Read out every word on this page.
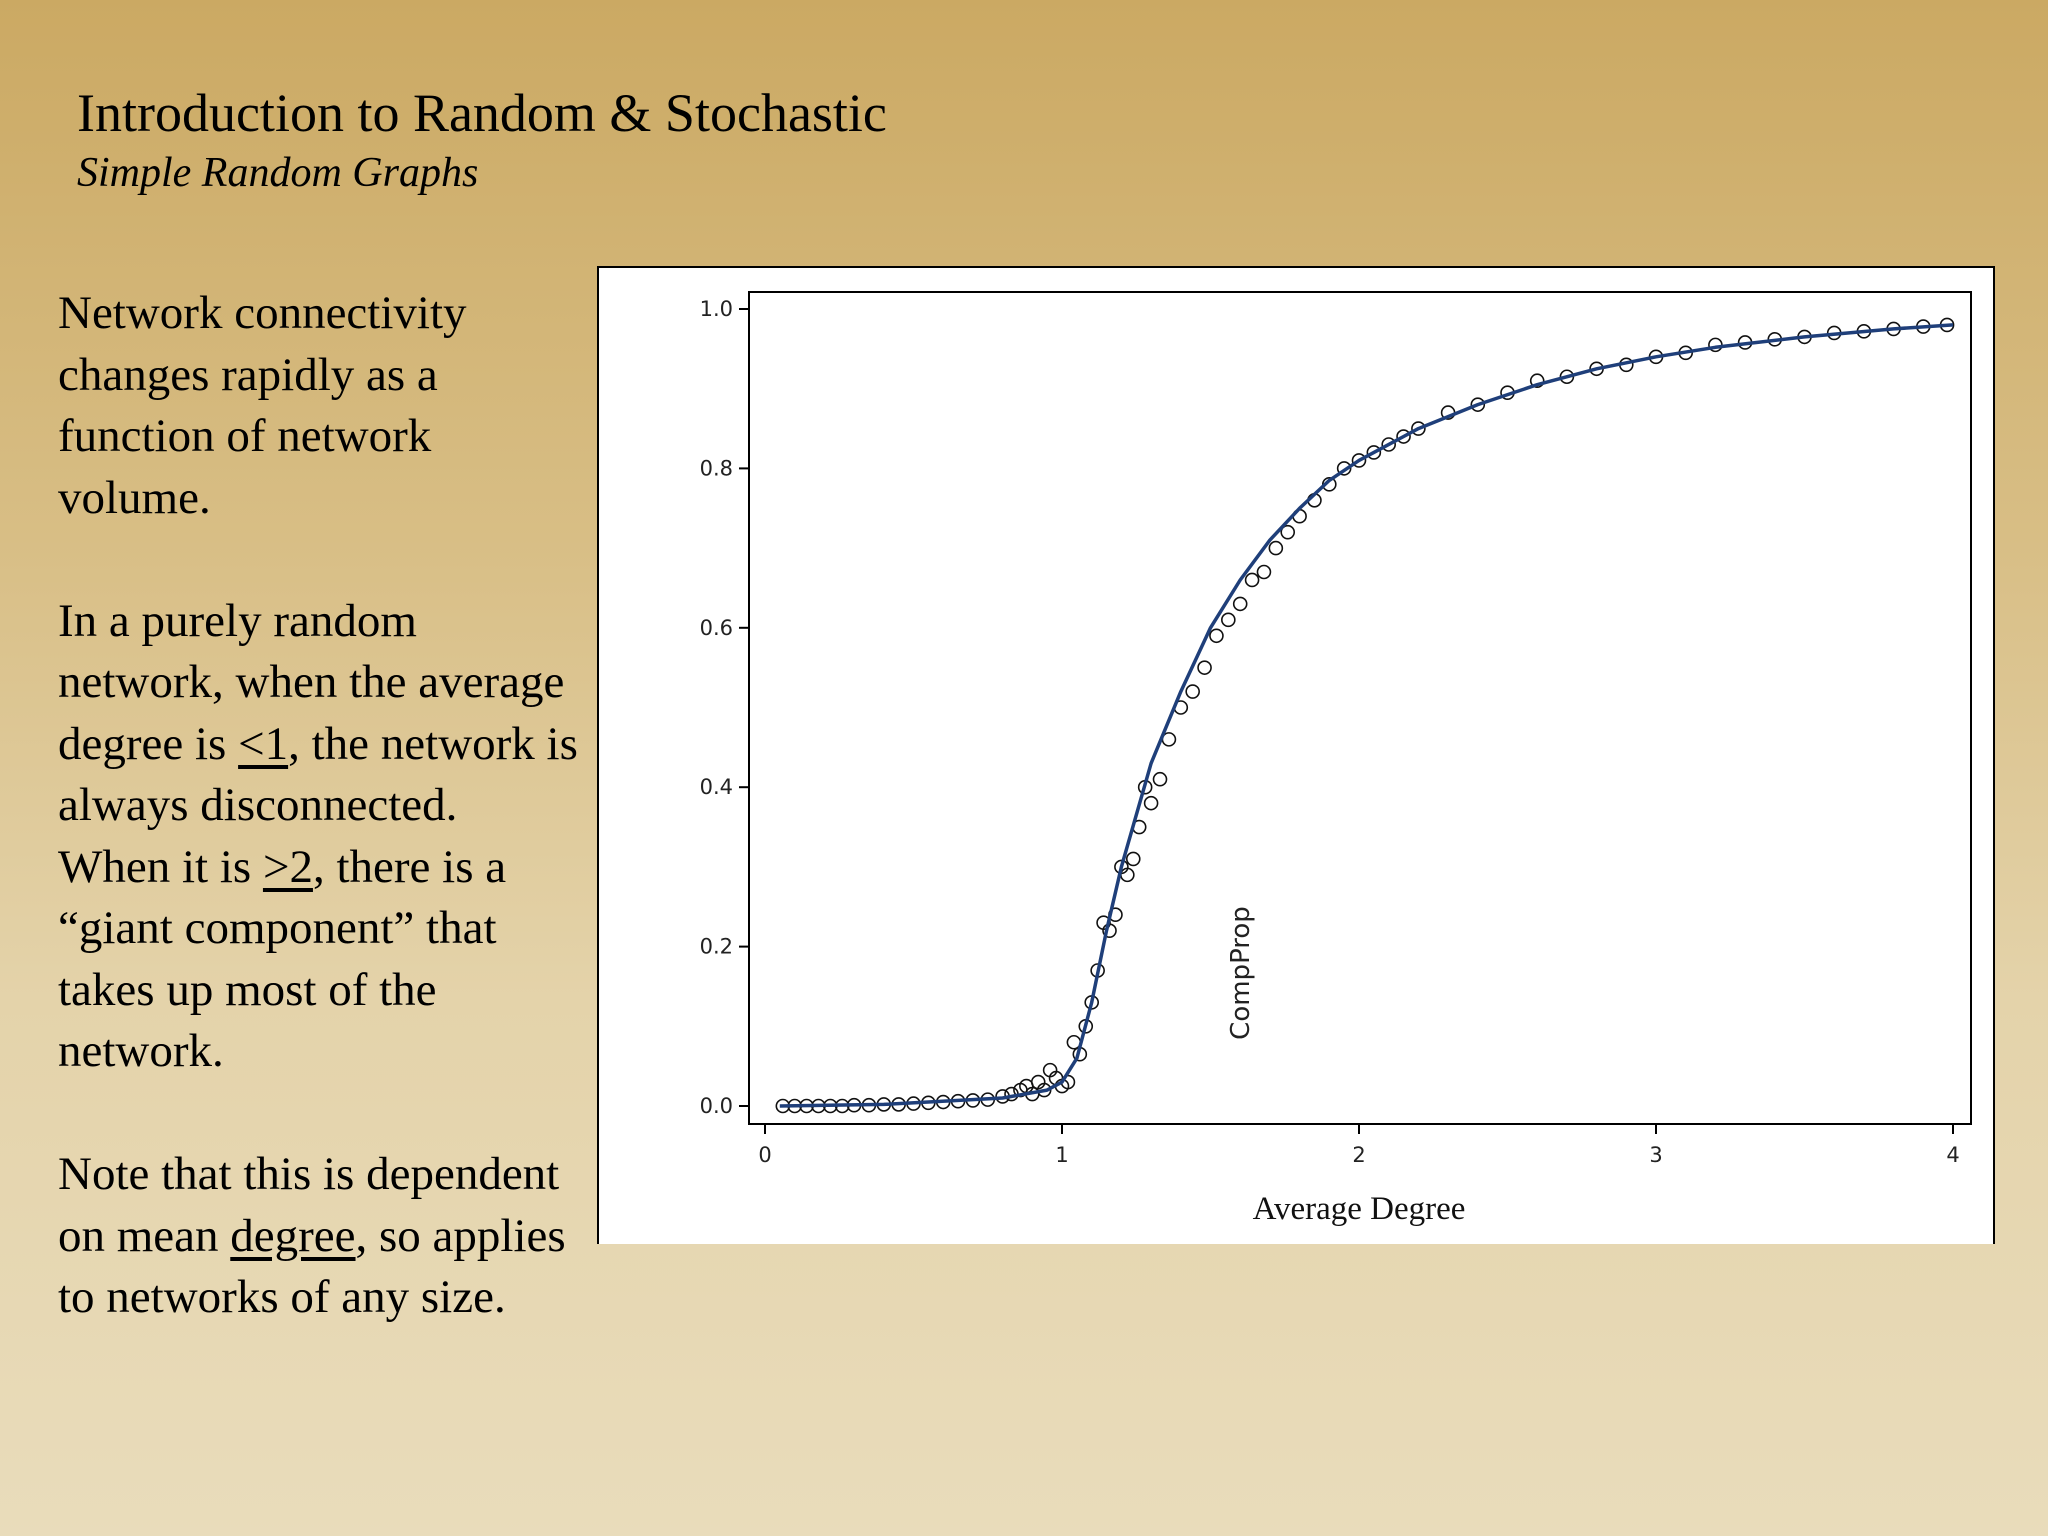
Introduction to Random & Stochastic
Simple Random Graphs

Network connectivity changes rapidly as a function of network volume.

In a purely random network, when the average degree is <1, the network is always disconnected. When it is >2, there is a “giant component” that takes up most of the network.

Note that this is dependent on mean degree, so applies to networks of any size.

0.0
0.2
0.4
0.6
0.8
1.0
0	1	2	3	4
CompProp
Average Degree
